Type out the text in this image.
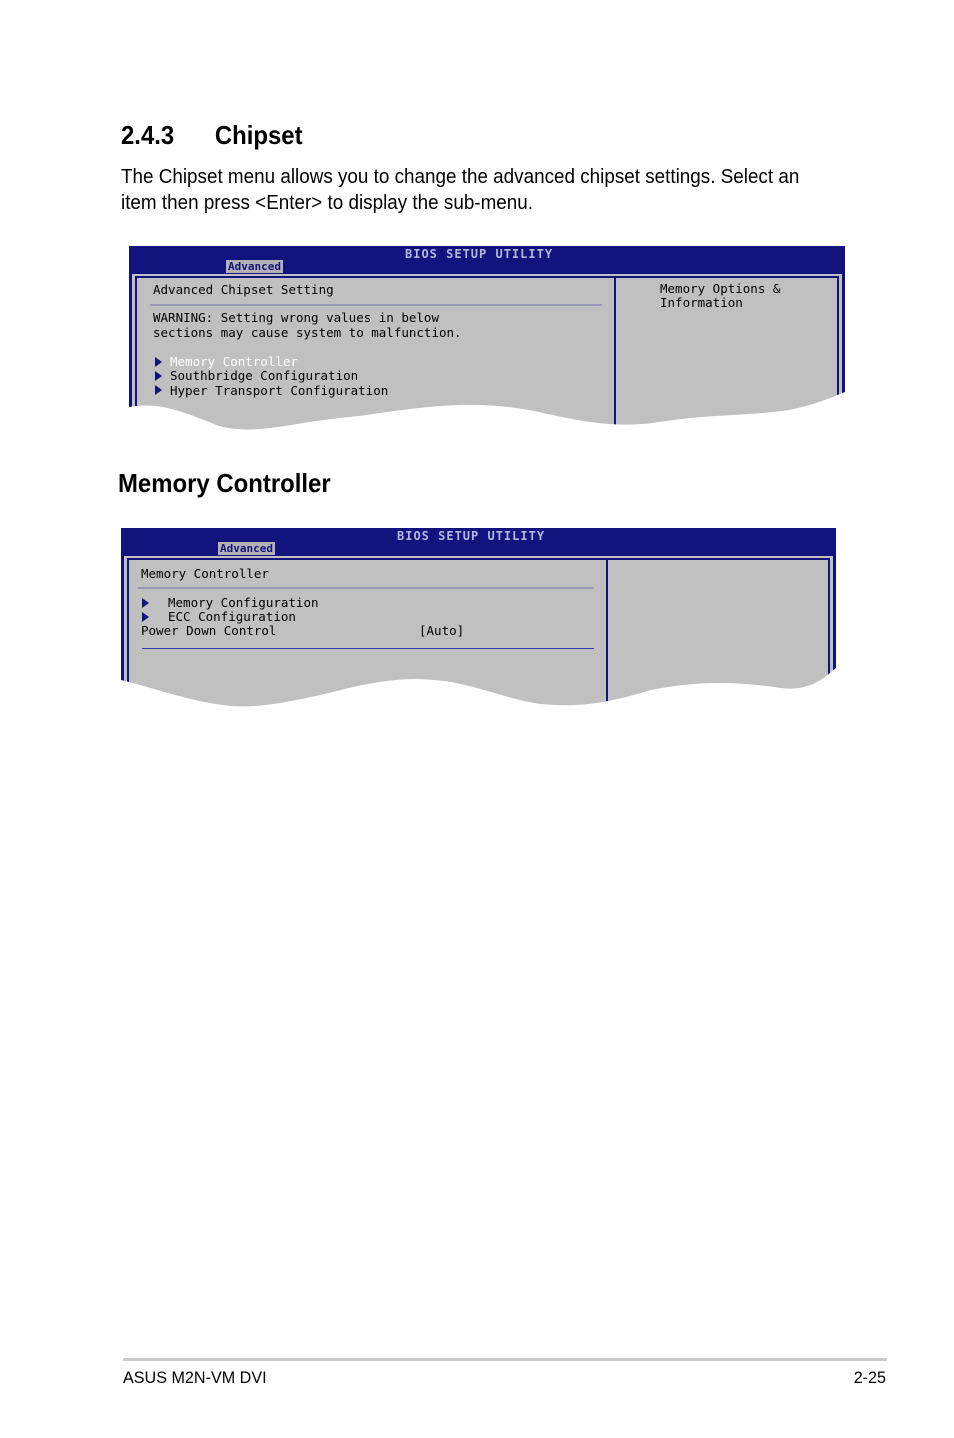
2.4.3 Chipset

The Chipset menu allows you to change the advanced chipset settings. Select an item then press <Enter> to display the sub-menu.

BIOS SETUP UTILITY
Advanced

Advanced Chipset Setting

WARNING: Setting wrong values in below

sections may cause system to malfunction.

Memory Controller

Southbridge Configuration

Hyper Transport Configuration

Memory Options &

Information

Memory Controller
BIOS SETUP UTILITY
Advanced

Memory Controller

Memory Configuration

ECC Configuration

Power Down Control	[Auto]

ASUS M2N-VM DVI	2-25
